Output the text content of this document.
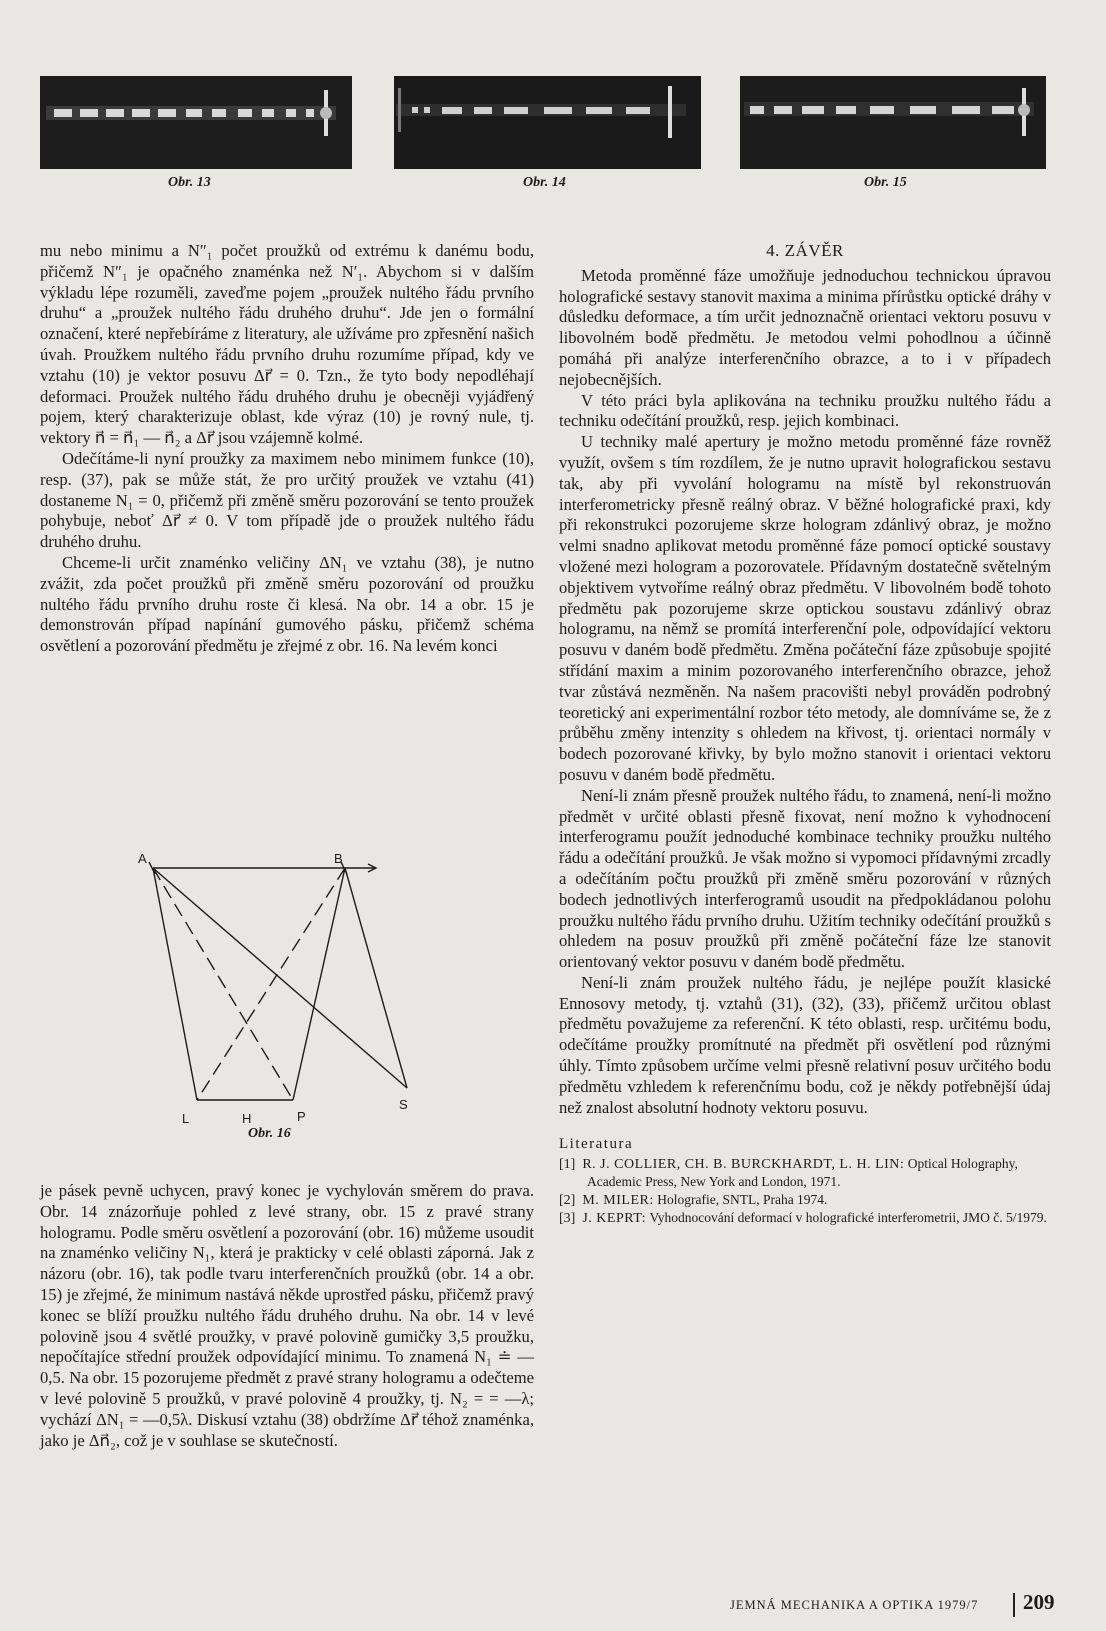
Obr. 13	Obr. 14	Obr. 15

mu nebo minimu a N″₁ počet proužků od extrému k danému bodu, přičemž N″₁ je opačného znaménka než N′₁. Abychom si v dalším výkladu lépe rozuměli, zaveďme pojem „proužek nultého řádu prvního druhu“ a „proužek nultého řádu druhého druhu“. Jde jen o formální označení, které nepřebíráme z literatury, ale užíváme pro zpřesnění našich úvah. Proužkem nultého řádu prvního druhu rozumíme případ, kdy ve vztahu (10) je vektor posuvu Δr⃗ = 0. Tzn., že tyto body nepodléhají deformaci. Proužek nultého řádu druhého druhu je obecněji vyjádřený pojem, který charakterizuje oblast, kde výraz (10) je rovný nule, tj. vektory n⃗ = n⃗₁ — n⃗₂ a Δr⃗ jsou vzájemně kolmé.

Odečítáme-li nyní proužky za maximem nebo minimem funkce (10), resp. (37), pak se může stát, že pro určitý proužek ve vztahu (41) dostaneme N₁ = 0, přičemž při změně směru pozorování se tento proužek pohybuje, neboť Δr⃗ ≠ 0. V tom případě jde o proužek nultého řádu druhého druhu.

Chceme-li určit znaménko veličiny ΔN₁ ve vztahu (38), je nutno zvážit, zda počet proužků při změně směru pozorování od proužku nultého řádu prvního druhu roste či klesá. Na obr. 14 a obr. 15 je demonstrován případ napínání gumového pásku, přičemž schéma osvětlení a pozorování předmětu je zřejmé z obr. 16. Na levém konci

A	B
L	H	P
S
Obr. 16

je pásek pevně uchycen, pravý konec je vychylován směrem do prava. Obr. 14 znázorňuje pohled z levé strany, obr. 15 z pravé strany hologramu. Podle směru osvětlení a pozorování (obr. 16) můžeme usoudit na znaménko veličiny N₁, která je prakticky v celé oblasti záporná. Jak z názoru (obr. 16), tak podle tvaru interferenčních proužků (obr. 14 a obr. 15) je zřejmé, že minimum nastává někde uprostřed pásku, přičemž pravý konec se blíží proužku nultého řádu druhého druhu. Na obr. 14 v levé polovině jsou 4 světlé proužky, v pravé polovině gumičky 3,5 proužku, nepočítajíce střední proužek odpovídající minimu. To znamená N₁ ≐ —0,5. Na obr. 15 pozorujeme předmět z pravé strany hologramu a odečteme v levé polovině 5 proužků, v pravé polovině 4 proužky, tj. N₂ = = —λ; vychází ΔN₁ = —0,5λ. Diskusí vztahu (38) obdržíme Δr⃗ téhož znaménka, jako je Δn⃗₂, což je v souhlase se skutečností.

4. ZÁVĚR

Metoda proměnné fáze umožňuje jednoduchou technickou úpravou holografické sestavy stanovit maxima a minima přírůstku optické dráhy v důsledku deformace, a tím určit jednoznačně orientaci vektoru posuvu v libovolném bodě předmětu. Je metodou velmi pohodlnou a účinně pomáhá při analýze interferenčního obrazce, a to i v případech nejobecnějších.

V této práci byla aplikována na techniku proužku nultého řádu a techniku odečítání proužků, resp. jejich kombinaci.

U techniky malé apertury je možno metodu proměnné fáze rovněž využít, ovšem s tím rozdílem, že je nutno upravit holografickou sestavu tak, aby při vyvolání hologramu na místě byl rekonstruován interferometricky přesně reálný obraz. V běžné holografické praxi, kdy při rekonstrukci pozorujeme skrze hologram zdánlivý obraz, je možno velmi snadno aplikovat metodu proměnné fáze pomocí optické soustavy vložené mezi hologram a pozorovatele. Přídavným dostatečně světelným objektivem vytvoříme reálný obraz předmětu. V libovolném bodě tohoto předmětu pak pozorujeme skrze optickou soustavu zdánlivý obraz hologramu, na němž se promítá interferenční pole, odpovídající vektoru posuvu v daném bodě předmětu. Změna počáteční fáze způsobuje spojité střídání maxim a minim pozorovaného interferenčního obrazce, jehož tvar zůstává nezměněn. Na našem pracovišti nebyl prováděn podrobný teoretický ani experimentální rozbor této metody, ale domníváme se, že z průběhu změny intenzity s ohledem na křivost, tj. orientaci normály v bodech pozorované křivky, by bylo možno stanovit i orientaci vektoru posuvu v daném bodě předmětu.

Není-li znám přesně proužek nultého řádu, to znamená, není-li možno předmět v určité oblasti přesně fixovat, není možno k vyhodnocení interferogramu použít jednoduché kombinace techniky proužku nultého řádu a odečítání proužků. Je však možno si vypomoci přídavnými zrcadly a odečítáním počtu proužků při změně směru pozorování v různých bodech jednotlivých interferogramů usoudit na předpokládanou polohu proužku nultého řádu prvního druhu. Užitím techniky odečítání proužků s ohledem na posuv proužků při změně počáteční fáze lze stanovit orientovaný vektor posuvu v daném bodě předmětu.

Není-li znám proužek nultého řádu, je nejlépe použít klasické Ennosovy metody, tj. vztahů (31), (32), (33), přičemž určitou oblast předmětu považujeme za referenční. K této oblasti, resp. určitému bodu, odečítáme proužky promítnuté na předmět při osvětlení pod různými úhly. Tímto způsobem určíme velmi přesně relativní posuv určitého bodu předmětu vzhledem k referenčnímu bodu, což je někdy potřebnější údaj než znalost absolutní hodnoty vektoru posuvu.

Literatura
[1] R. J. COLLIER, CH. B. BURCKHARDT, L. H. LIN: Optical Holography, Academic Press, New York and London, 1971.
[2] M. MILER: Holografie, SNTL, Praha 1974.
[3] J. KEPRT: Vyhodnocování deformací v holografické interferometrii, JMO č. 5/1979.
JEMNÁ MECHANIKA A OPTIKA 1979/7 209
